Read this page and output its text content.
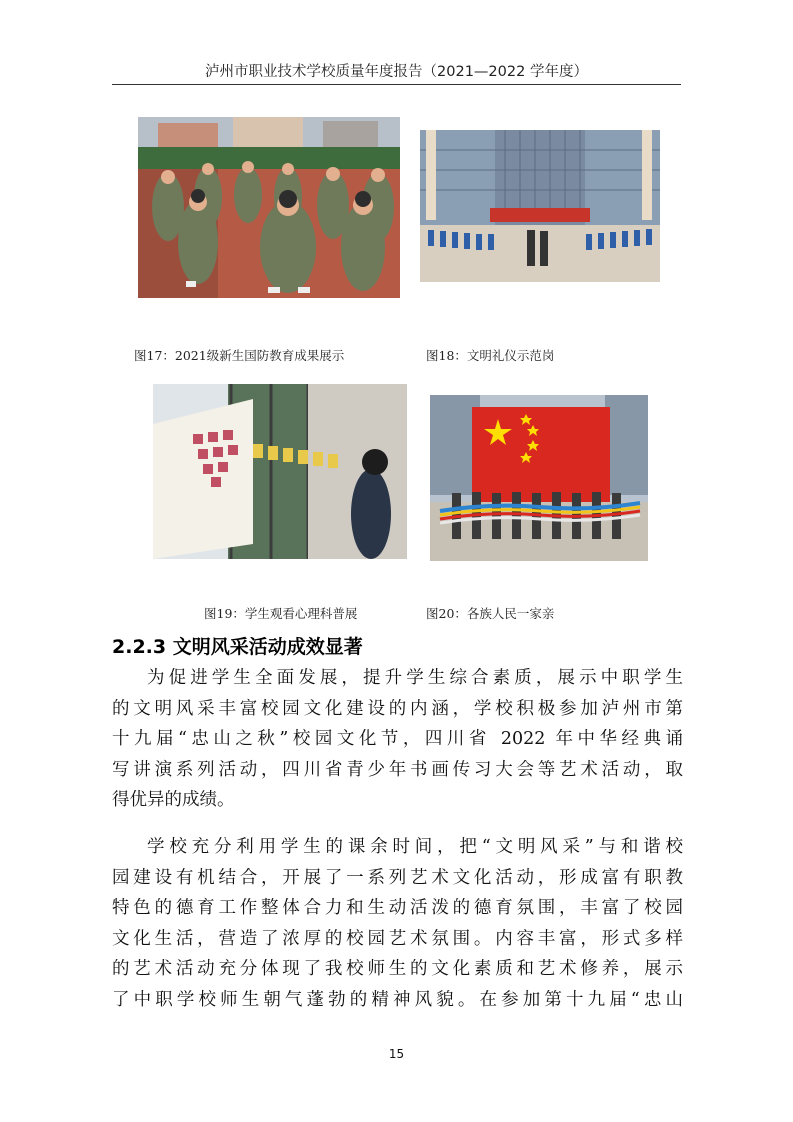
泸州市职业技术学校质量年度报告（2021—2022 学年度）
图17：2021级新生国防教育成果展示	图18：文明礼仪示范岗
图19：学生观看心理科普展	图20：各族人民一家亲
2.2.3 文明风采活动成效显著
为促进学生全面发展，提升学生综合素质，展示中职学生
的文明风采丰富校园文化建设的内涵，学校积极参加泸州市第
十九届“忠山之秋”校园文化节，四川省 2022 年中华经典诵
写讲演系列活动，四川省青少年书画传习大会等艺术活动，取
得优异的成绩。
学校充分利用学生的课余时间，把“文明风采”与和谐校
园建设有机结合，开展了一系列艺术文化活动，形成富有职教
特色的德育工作整体合力和生动活泼的德育氛围，丰富了校园
文化生活，营造了浓厚的校园艺术氛围。内容丰富，形式多样
的艺术活动充分体现了我校师生的文化素质和艺术修养，展示
了中职学校师生朝气蓬勃的精神风貌。在参加第十九届“忠山
15
